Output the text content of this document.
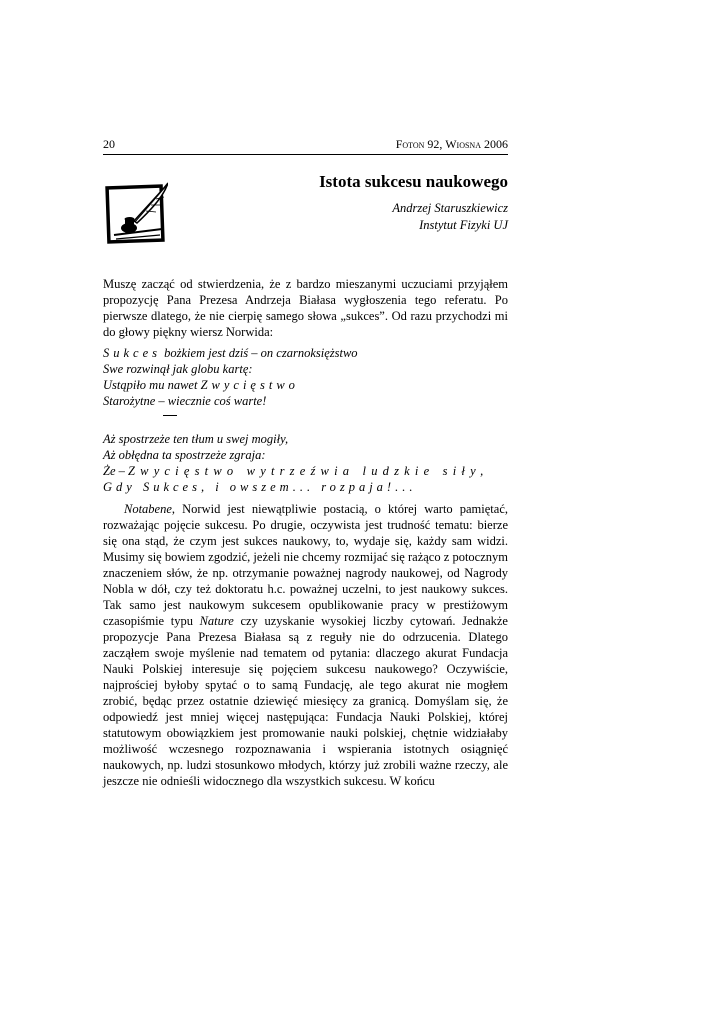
20	Foton 92, Wiosna 2006
Istota sukcesu naukowego
Andrzej Staruszkiewicz
Instytut Fizyki UJ

Muszę zacząć od stwierdzenia, że z bardzo mieszanymi uczuciami przyjąłem propozycję Pana Prezesa Andrzeja Białasa wygłoszenia tego referatu. Po pierwsze dlatego, że nie cierpię samego słowa „sukces”. Od razu przychodzi mi do głowy piękny wiersz Norwida:

Sukces bożkiem jest dziś – on czarnoksiężstwo
Swe rozwinął jak globu kartę:
Ustąpiło mu nawet Zwycięstwo
Starożytne – wiecznie coś warte!
Aż spostrzeże ten tłum u swej mogiły,
Aż obłędna ta spostrzeże zgraja:
Że – Zwycięstwo wytrzeźwia ludzkie siły,
Gdy Sukces, i owszem... rozpaja!...

Notabene, Norwid jest niewątpliwie postacią, o której warto pamiętać, rozważając pojęcie sukcesu. Po drugie, oczywista jest trudność tematu: bierze się ona stąd, że czym jest sukces naukowy, to, wydaje się, każdy sam widzi. Musimy się bowiem zgodzić, jeżeli nie chcemy rozmijać się rażąco z potocznym znaczeniem słów, że np. otrzymanie poważnej nagrody naukowej, od Nagrody Nobla w dół, czy też doktoratu h.c. poważnej uczelni, to jest naukowy sukces. Tak samo jest naukowym sukcesem opublikowanie pracy w prestiżowym czasopiśmie typu Nature czy uzyskanie wysokiej liczby cytowań. Jednakże propozycje Pana Prezesa Białasa są z reguły nie do odrzucenia. Dlatego zacząłem swoje myślenie nad tematem od pytania: dlaczego akurat Fundacja Nauki Polskiej interesuje się pojęciem sukcesu naukowego? Oczywiście, najprościej byłoby spytać o to samą Fundację, ale tego akurat nie mogłem zrobić, będąc przez ostatnie dziewięć miesięcy za granicą. Domyślam się, że odpowiedź jest mniej więcej następująca: Fundacja Nauki Polskiej, której statutowym obowiązkiem jest promowanie nauki polskiej, chętnie widziałaby możliwość wczesnego rozpoznawania i wspierania istotnych osiągnięć naukowych, np. ludzi stosunkowo młodych, którzy już zrobili ważne rzeczy, ale jeszcze nie odnieśli widocznego dla wszystkich sukcesu. W końcu
